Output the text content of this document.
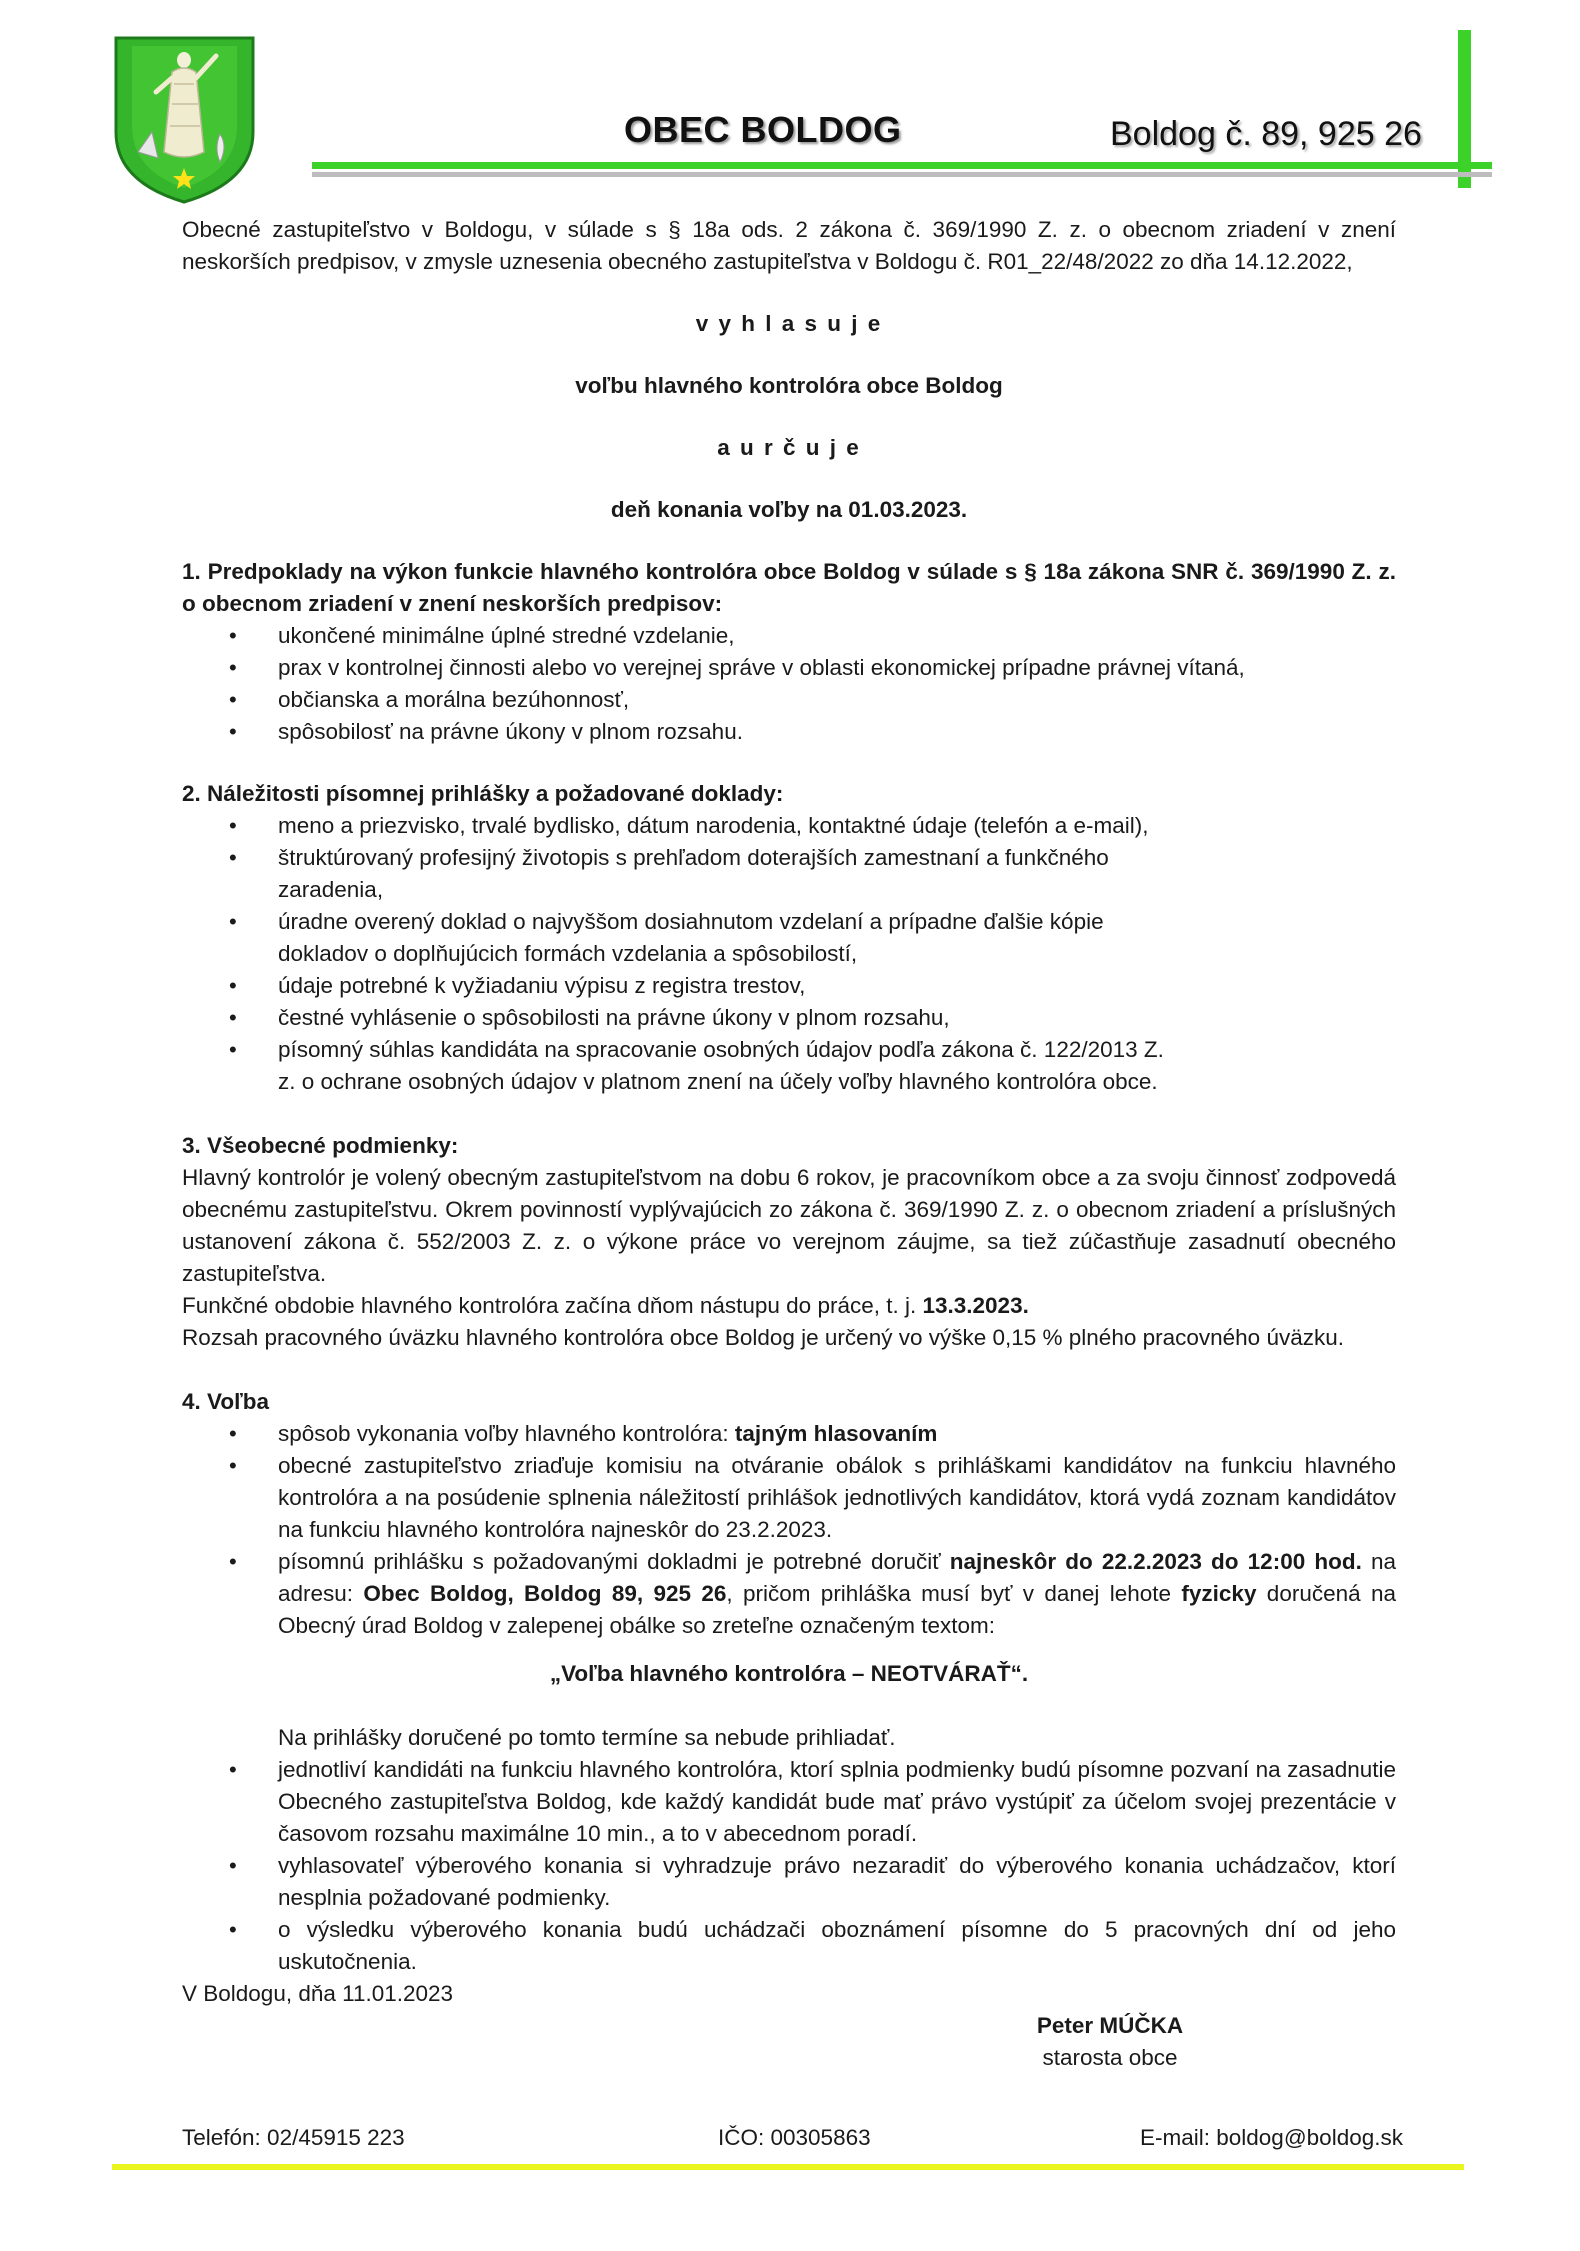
OBEC BOLDOG	Boldog č. 89, 925 26

Obecné zastupiteľstvo v Boldogu, v súlade s § 18a ods. 2 zákona č. 369/1990 Z. z. o obecnom zriadení v znení neskorších predpisov, v zmysle uznesenia obecného zastupiteľstva v Boldogu č. R01_22/48/2022 zo dňa 14.12.2022,

v y h l a s u j e
voľbu hlavného kontrolóra obce Boldog
a u r č u j e
deň konania voľby na 01.03.2023.
1. Predpoklady na výkon funkcie hlavného kontrolóra obce Boldog v súlade s § 18a zákona SNR č. 369/1990 Z. z. o obecnom zriadení v znení neskorších predpisov:
• ukončené minimálne úplné stredné vzdelanie,
• prax v kontrolnej činnosti alebo vo verejnej správe v oblasti ekonomickej prípadne právnej vítaná,
• občianska a morálna bezúhonnosť,
• spôsobilosť na právne úkony v plnom rozsahu.
2. Náležitosti písomnej prihlášky a požadované doklady:
• meno a priezvisko, trvalé bydlisko, dátum narodenia, kontaktné údaje (telefón a e-mail),
• štruktúrovaný profesijný životopis s prehľadom doterajších zamestnaní a funkčného zaradenia,
• úradne overený doklad o najvyššom dosiahnutom vzdelaní a prípadne ďalšie kópie dokladov o doplňujúcich formách vzdelania a spôsobilostí,
• údaje potrebné k vyžiadaniu výpisu z registra trestov,
• čestné vyhlásenie o spôsobilosti na právne úkony v plnom rozsahu,
• písomný súhlas kandidáta na spracovanie osobných údajov podľa zákona č. 122/2013 Z. z. o ochrane osobných údajov v platnom znení na účely voľby hlavného kontrolóra obce.
3. Všeobecné podmienky:

Hlavný kontrolór je volený obecným zastupiteľstvom na dobu 6 rokov, je pracovníkom obce a za svoju činnosť zodpovedá obecnému zastupiteľstvu. Okrem povinností vyplývajúcich zo zákona č. 369/1990 Z. z. o obecnom zriadení a príslušných ustanovení zákona č. 552/2003 Z. z. o výkone práce vo verejnom záujme, sa tiež zúčastňuje zasadnutí obecného zastupiteľstva.

Funkčné obdobie hlavného kontrolóra začína dňom nástupu do práce, t. j. 13.3.2023.

Rozsah pracovného úväzku hlavného kontrolóra obce Boldog je určený vo výške 0,15 % plného pracovného úväzku.

4. Voľba
• spôsob vykonania voľby hlavného kontrolóra: tajným hlasovaním
• obecné zastupiteľstvo zriaďuje komisiu na otváranie obálok s prihláškami kandidátov na funkciu hlavného kontrolóra a na posúdenie splnenia náležitostí prihlášok jednotlivých kandidátov, ktorá vydá zoznam kandidátov na funkciu hlavného kontrolóra najneskôr do 23.2.2023.
• písomnú prihlášku s požadovanými dokladmi je potrebné doručiť najneskôr do 22.2.2023 do 12:00 hod. na adresu: Obec Boldog, Boldog 89, 925 26, pričom prihláška musí byť v danej lehote fyzicky doručená na Obecný úrad Boldog v zalepenej obálke so zreteľne označeným textom:
„Voľba hlavného kontrolóra – NEOTVÁRAŤ“.

Na prihlášky doručené po tomto termíne sa nebude prihliadať.

• jednotliví kandidáti na funkciu hlavného kontrolóra, ktorí splnia podmienky budú písomne pozvaní na zasadnutie Obecného zastupiteľstva Boldog, kde každý kandidát bude mať právo vystúpiť za účelom svojej prezentácie v časovom rozsahu maximálne 10 min., a to v abecednom poradí.
• vyhlasovateľ výberového konania si vyhradzuje právo nezaradiť do výberového konania uchádzačov, ktorí nesplnia požadované podmienky.
• o výsledku výberového konania budú uchádzači oboznámení písomne do 5 pracovných dní od jeho uskutočnenia.
V Boldogu, dňa 11.01.2023
Peter MÚČKA
starosta obce
Telefón: 02/45915 223	IČO: 00305863	E-mail: boldog@boldog.sk
